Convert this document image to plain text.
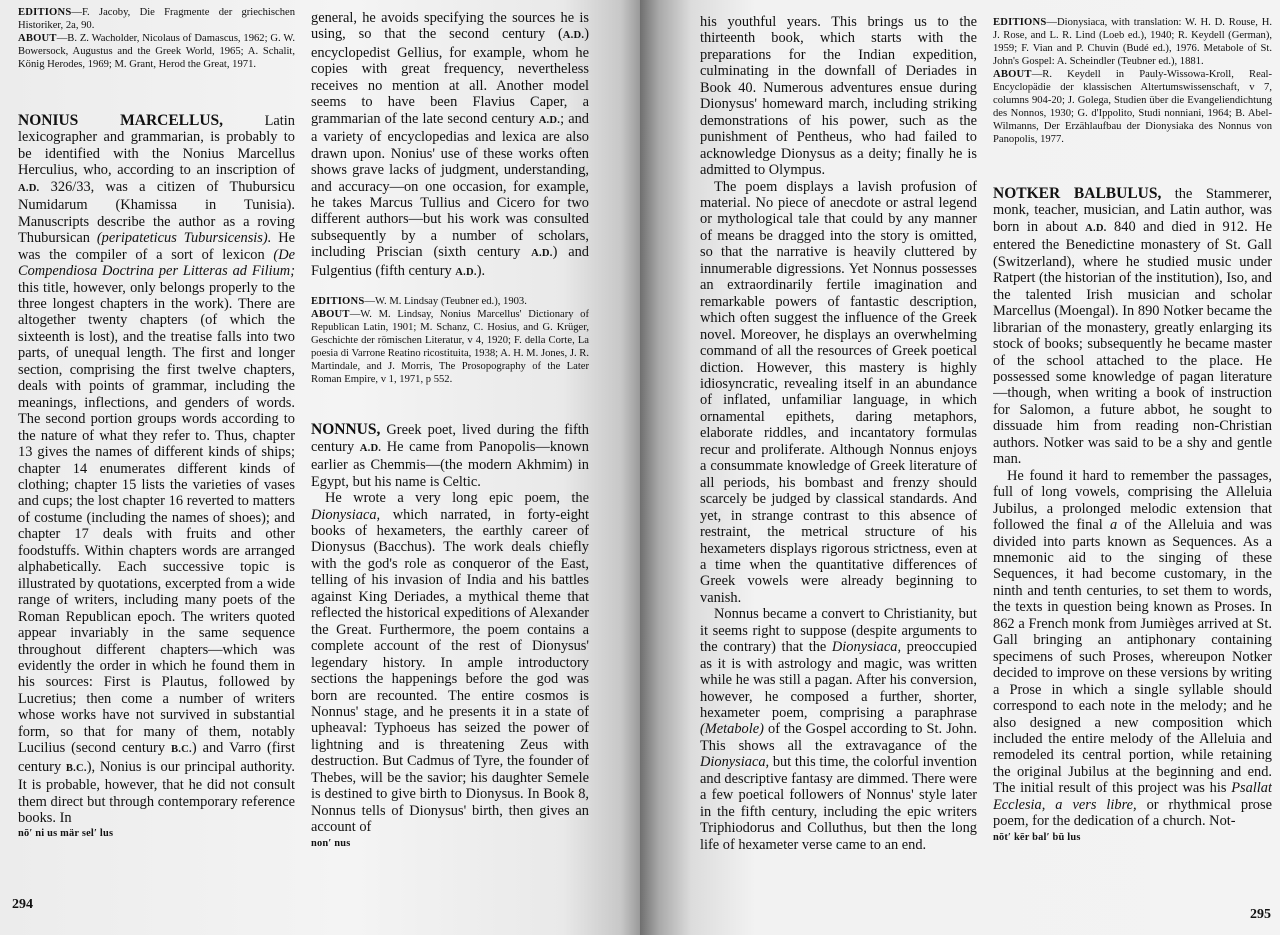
EDITIONS—F. Jacoby, Die Fragmente der griechischen Historiker, 2a, 90.

ABOUT—B. Z. Wacholder, Nicolaus of Damascus, 1962; G. W. Bowersock, Augustus and the Greek World, 1965; A. Schalit, König Herodes, 1969; M. Grant, Herod the Great, 1971.

NONIUS MARCELLUS, Latin lexicographer and grammarian, is probably to be identified with the Nonius Marcellus Herculius, who, according to an inscription of A.D. 326/33, was a citizen of Thubursicu Numidarum (Khamissa in Tunisia). Manuscripts describe the author as a roving Thubursican (peripateticus Tubursicensis). He was the compiler of a sort of lexicon (De Compendiosa Doctrina per Litteras ad Filium; this title, however, only belongs properly to the three longest chapters in the work). There are altogether twenty chapters (of which the sixteenth is lost), and the treatise falls into two parts, of unequal length. The first and longer section, comprising the first twelve chapters, deals with points of grammar, including the meanings, inflections, and genders of words. The second portion groups words according to the nature of what they refer to. Thus, chapter 13 gives the names of different kinds of ships; chapter 14 enumerates different kinds of clothing; chapter 15 lists the varieties of vases and cups; the lost chapter 16 reverted to matters of costume (including the names of shoes); and chapter 17 deals with fruits and other foodstuffs. Within chapters words are arranged alphabetically. Each successive topic is illustrated by quotations, excerpted from a wide range of writers, including many poets of the Roman Republican epoch. The writers quoted appear invariably in the same sequence throughout different chapters—which was evidently the order in which he found them in his sources: First is Plautus, followed by Lucretius; then come a number of writers whose works have not survived in substantial form, so that for many of them, notably Lucilius (second century B.C.) and Varro (first century B.C.), Nonius is our principal authority. It is probable, however, that he did not consult them direct but through contemporary reference books. In

nō′ ni us mär sel′ lus

general, he avoids specifying the sources he is using, so that the second century (A.D.) encyclopedist Gellius, for example, whom he copies with great frequency, nevertheless receives no mention at all. Another model seems to have been Flavius Caper, a grammarian of the late second century A.D.; and a variety of encyclopedias and lexica are also drawn upon. Nonius' use of these works often shows grave lacks of judgment, understanding, and accuracy—on one occasion, for example, he takes Marcus Tullius and Cicero for two different authors—but his work was consulted subsequently by a number of scholars, including Priscian (sixth century A.D.) and Fulgentius (fifth century A.D.).

EDITIONS—W. M. Lindsay (Teubner ed.), 1903.

ABOUT—W. M. Lindsay, Nonius Marcellus' Dictionary of Republican Latin, 1901; M. Schanz, C. Hosius, and G. Krüger, Geschichte der römischen Literatur, v 4, 1920; F. della Corte, La poesia di Varrone Reatino ricostituita, 1938; A. H. M. Jones, J. R. Martindale, and J. Morris, The Prosopography of the Later Roman Empire, v 1, 1971, p 552.

NONNUS, Greek poet, lived during the fifth century A.D. He came from Panopolis—known earlier as Chemmis—(the modern Akhmim) in Egypt, but his name is Celtic.

He wrote a very long epic poem, the Dionysiaca, which narrated, in forty-eight books of hexameters, the earthly career of Dionysus (Bacchus). The work deals chiefly with the god's role as conqueror of the East, telling of his invasion of India and his battles against King Deriades, a mythical theme that reflected the historical expeditions of Alexander the Great. Furthermore, the poem contains a complete account of the rest of Dionysus' legendary history. In ample introductory sections the happenings before the god was born are recounted. The entire cosmos is Nonnus' stage, and he presents it in a state of upheaval: Typhoeus has seized the power of lightning and is threatening Zeus with destruction. But Cadmus of Tyre, the founder of Thebes, will be the savior; his daughter Semele is destined to give birth to Dionysus. In Book 8, Nonnus tells of Dionysus' birth, then gives an account of

non′ nus

294

his youthful years. This brings us to the thirteenth book, which starts with the preparations for the Indian expedition, culminating in the downfall of Deriades in Book 40. Numerous adventures ensue during Dionysus' homeward march, including striking demonstrations of his power, such as the punishment of Pentheus, who had failed to acknowledge Dionysus as a deity; finally he is admitted to Olympus.

The poem displays a lavish profusion of material. No piece of anecdote or astral legend or mythological tale that could by any manner of means be dragged into the story is omitted, so that the narrative is heavily cluttered by innumerable digressions. Yet Nonnus possesses an extraordinarily fertile imagination and remarkable powers of fantastic description, which often suggest the influence of the Greek novel. Moreover, he displays an overwhelming command of all the resources of Greek poetical diction. However, this mastery is highly idiosyncratic, revealing itself in an abundance of inflated, unfamiliar language, in which ornamental epithets, daring metaphors, elaborate riddles, and incantatory formulas recur and proliferate. Although Nonnus enjoys a consummate knowledge of Greek literature of all periods, his bombast and frenzy should scarcely be judged by classical standards. And yet, in strange contrast to this absence of restraint, the metrical structure of his hexameters displays rigorous strictness, even at a time when the quantitative differences of Greek vowels were already beginning to vanish.

Nonnus became a convert to Christianity, but it seems right to suppose (despite arguments to the contrary) that the Dionysiaca, preoccupied as it is with astrology and magic, was written while he was still a pagan. After his conversion, however, he composed a further, shorter, hexameter poem, comprising a paraphrase (Metabole) of the Gospel according to St. John. This shows all the extravagance of the Dionysiaca, but this time, the colorful invention and descriptive fantasy are dimmed. There were a few poetical followers of Nonnus' style later in the fifth century, including the epic writers Triphiodorus and Colluthus, but then the long life of hexameter verse came to an end.

EDITIONS—Dionysiaca, with translation: W. H. D. Rouse, H. J. Rose, and L. R. Lind (Loeb ed.), 1940; R. Keydell (German), 1959; F. Vian and P. Chuvin (Budé ed.), 1976. Metabole of St. John's Gospel: A. Scheindler (Teubner ed.), 1881.

ABOUT—R. Keydell in Pauly-Wissowa-Kroll, Real-Encyclopädie der klassischen Altertumswissenschaft, v 7, columns 904-20; J. Golega, Studien über die Evangeliendichtung des Nonnos, 1930; G. d'Ippolito, Studi nonniani, 1964; B. Abel-Wilmanns, Der Erzählaufbau der Dionysiaka des Nonnus von Panopolis, 1977.

NOTKER BALBULUS, the Stammerer, monk, teacher, musician, and Latin author, was born in about A.D. 840 and died in 912. He entered the Benedictine monastery of St. Gall (Switzerland), where he studied music under Ratpert (the historian of the institution), Iso, and the talented Irish musician and scholar Marcellus (Moengal). In 890 Notker became the librarian of the monastery, greatly enlarging its stock of books; subsequently he became master of the school attached to the place. He possessed some knowledge of pagan literature—though, when writing a book of instruction for Salomon, a future abbot, he sought to dissuade him from reading non-Christian authors. Notker was said to be a shy and gentle man.

He found it hard to remember the passages, full of long vowels, comprising the Alleluia Jubilus, a prolonged melodic extension that followed the final a of the Alleluia and was divided into parts known as Sequences. As a mnemonic aid to the singing of these Sequences, it had become customary, in the ninth and tenth centuries, to set them to words, the texts in question being known as Proses. In 862 a French monk from Jumièges arrived at St. Gall bringing an antiphonary containing specimens of such Proses, whereupon Notker decided to improve on these versions by writing a Prose in which a single syllable should correspond to each note in the melody; and he also designed a new composition which included the entire melody of the Alleluia and remodeled its central portion, while retaining the original Jubilus at the beginning and end. The initial result of this project was his Psallat Ecclesia, a vers libre, or rhythmical prose poem, for the dedication of a church. Not-

nōt′ kēr bal′ bū lus

295
